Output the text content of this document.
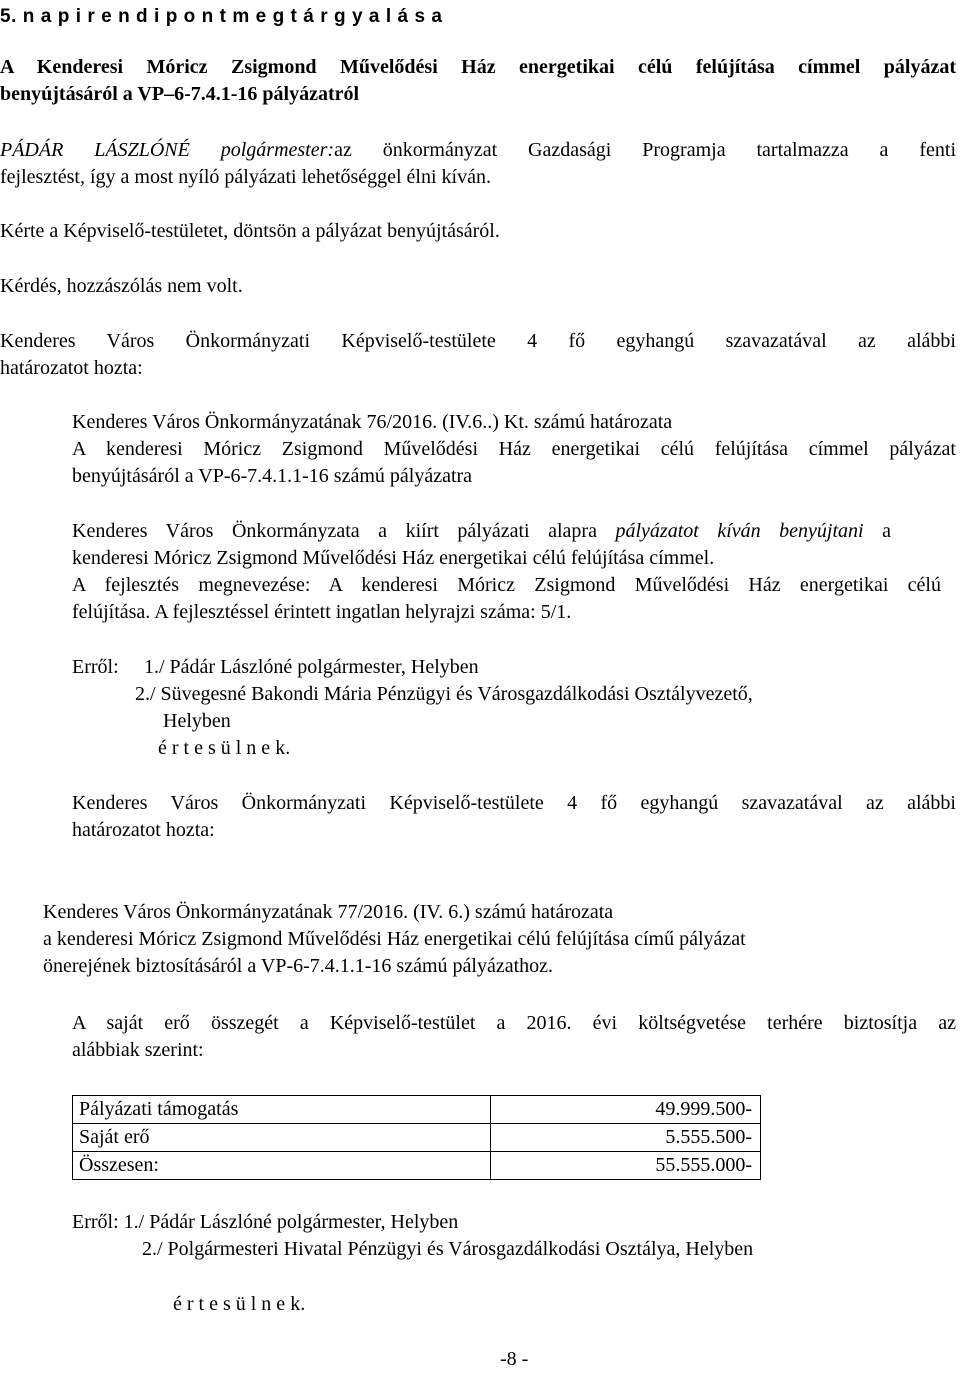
5. n a p i r e n d i p o n t m e g t á r g y a l á s a
A Kenderesi Móricz Zsigmond Művelődési Ház energetikai célú felújítása címmel pályázat
benyújtásáról a VP–6-7.4.1-16 pályázatról
PÁDÁR LÁSZLÓNÉ polgármester:az önkormányzat Gazdasági Programja tartalmazza a fenti
fejlesztést, így a most nyíló pályázati lehetőséggel élni kíván.
Kérte a Képviselő-testületet, döntsön a pályázat benyújtásáról.
Kérdés, hozzászólás nem volt.
Kenderes Város Önkormányzati Képviselő-testülete 4 fő egyhangú szavazatával az alábbi
határozatot hozta:
Kenderes Város Önkormányzatának 76/2016. (IV.6..) Kt. számú határozata
A kenderesi Móricz Zsigmond Művelődési Ház energetikai célú felújítása címmel pályázat
benyújtásáról a VP-6-7.4.1.1-16 számú pályázatra
Kenderes Város Önkormányzata a kiírt pályázati alapra pályázatot kíván benyújtani a
kenderesi Móricz Zsigmond Művelődési Ház energetikai célú felújítása címmel.
A fejlesztés megnevezése: A kenderesi Móricz Zsigmond Művelődési Ház energetikai célú
felújítása. A fejlesztéssel érintett ingatlan helyrajzi száma: 5/1.
Erről: 1./ Pádár Lászlóné polgármester, Helyben
2./ Süvegesné Bakondi Mária Pénzügyi és Városgazdálkodási Osztályvezető,
Helyben
é r t e s ü l n e k.
Kenderes Város Önkormányzati Képviselő-testülete 4 fő egyhangú szavazatával az alábbi
határozatot hozta:
Kenderes Város Önkormányzatának 77/2016. (IV. 6.) számú határozata
a kenderesi Móricz Zsigmond Művelődési Ház energetikai célú felújítása című pályázat
önerejének biztosításáról a VP-6-7.4.1.1-16 számú pályázathoz.
A saját erő összegét a Képviselő-testület a 2016. évi költségvetése terhére biztosítja az
alábbiak szerint:
Pályázati támogatás	49.999.500-
Saját erő	5.555.500-
Összesen:	55.555.000-
Erről: 1./ Pádár Lászlóné polgármester, Helyben
2./ Polgármesteri Hivatal Pénzügyi és Városgazdálkodási Osztálya, Helyben
é r t e s ü l n e k.
-8 -
